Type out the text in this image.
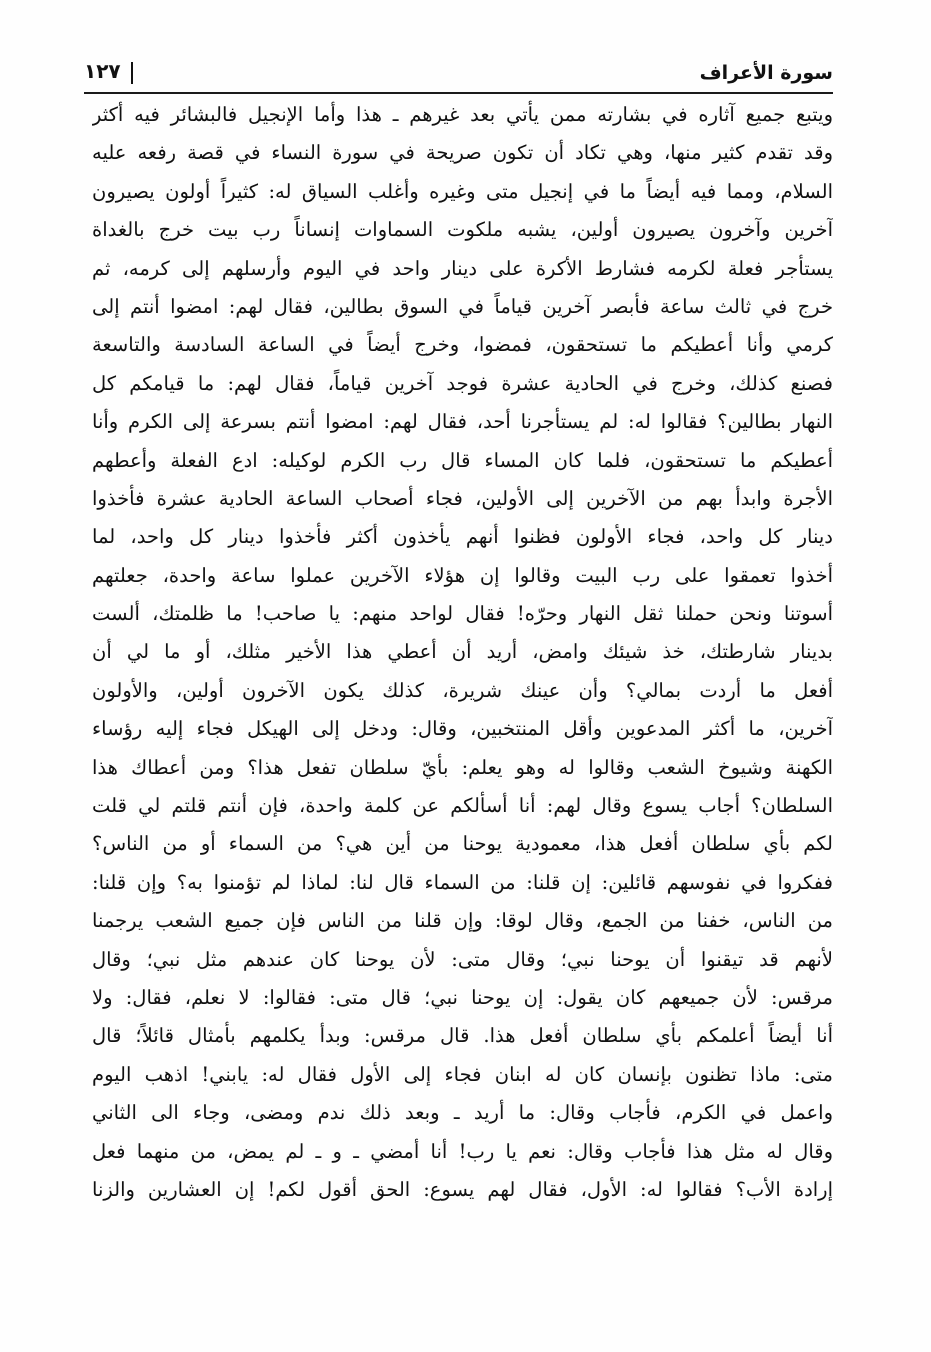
سورة الأعراف
١٢٧
ويتبع جميع آثاره في بشارته ممن يأتي بعد غيرهم ـ هذا وأما الإنجيل فالبشائر فيه أكثر
وقد تقدم كثير منها، وهي تكاد أن تكون صريحة في سورة النساء في قصة رفعه عليه
السلام، ومما فيه أيضاً ما في إنجيل متى وغيره وأغلب السياق له: كثيراً أولون يصيرون
آخرين وآخرون يصيرون أولين، يشبه ملكوت السماوات إنساناً رب بيت خرج بالغداة
يستأجر فعلة لكرمه فشارط الأكرة على دينار واحد في اليوم وأرسلهم إلى كرمه، ثم
خرج في ثالث ساعة فأبصر آخرين قياماً في السوق بطالين، فقال لهم: امضوا أنتم إلى
كرمي وأنا أعطيكم ما تستحقون، فمضوا، وخرج أيضاً في الساعة السادسة والتاسعة
فصنع كذلك، وخرج في الحادية عشرة فوجد آخرين قياماً، فقال لهم: ما قيامكم كل
النهار بطالين؟ فقالوا له: لم يستأجرنا أحد، فقال لهم: امضوا أنتم بسرعة إلى الكرم وأنا
أعطيكم ما تستحقون، فلما كان المساء قال رب الكرم لوكيله: ادع الفعلة وأعطهم
الأجرة وابدأ بهم من الآخرين إلى الأولين، فجاء أصحاب الساعة الحادية عشرة فأخذوا
دينار كل واحد، فجاء الأولون فظنوا أنهم يأخذون أكثر فأخذوا دينار كل واحد، لما
أخذوا تعمقوا على رب البيت وقالوا إن هؤلاء الآخرين عملوا ساعة واحدة، جعلتهم
أسوتنا ونحن حملنا ثقل النهار وحرّه! فقال لواحد منهم: يا صاحب! ما ظلمتك، ألست
بدينار شارطتك، خذ شيئك وامض، أريد أن أعطي هذا الأخير مثلك، أو ما لي أن
أفعل ما أردت بمالي؟ وأن عينك شريرة، كذلك يكون الآخرون أولين، والأولون
آخرين، ما أكثر المدعوين وأقل المنتخبين، وقال: ودخل إلى الهيكل فجاء إليه رؤساء
الكهنة وشيوخ الشعب وقالوا له وهو يعلم: بأيّ سلطان تفعل هذا؟ ومن أعطاك هذا
السلطان؟ أجاب يسوع وقال لهم: أنا أسألكم عن كلمة واحدة، فإن أنتم قلتم لي قلت
لكم بأي سلطان أفعل هذا، معمودية يوحنا من أين هي؟ من السماء أو من الناس؟
ففكروا في نفوسهم قائلين: إن قلنا: من السماء قال لنا: لماذا لم تؤمنوا به؟ وإن قلنا:
من الناس، خفنا من الجمع، وقال لوقا: وإن قلنا من الناس فإن جميع الشعب يرجمنا
لأنهم قد تيقنوا أن يوحنا نبي؛ وقال متى: لأن يوحنا كان عندهم مثل نبي؛ وقال
مرقس: لأن جميعهم كان يقول: إن يوحنا نبي؛ قال متى: فقالوا: لا نعلم، فقال: ولا
أنا أيضاً أعلمكم بأي سلطان أفعل هذا. قال مرقس: وبدأ يكلمهم بأمثال قائلاً؛ قال
متى: ماذا تظنون بإنسان كان له ابنان فجاء إلى الأول فقال له: يابني! اذهب اليوم
واعمل في الكرم، فأجاب وقال: ما أريد ـ وبعد ذلك ندم ومضى، وجاء الى الثاني
وقال له مثل هذا فأجاب وقال: نعم يا رب! أنا أمضي ـ و ـ لم يمض، من منهما فعل
إرادة الأب؟ فقالوا له: الأول، فقال لهم يسوع: الحق أقول لكم! إن العشارين والزنا
